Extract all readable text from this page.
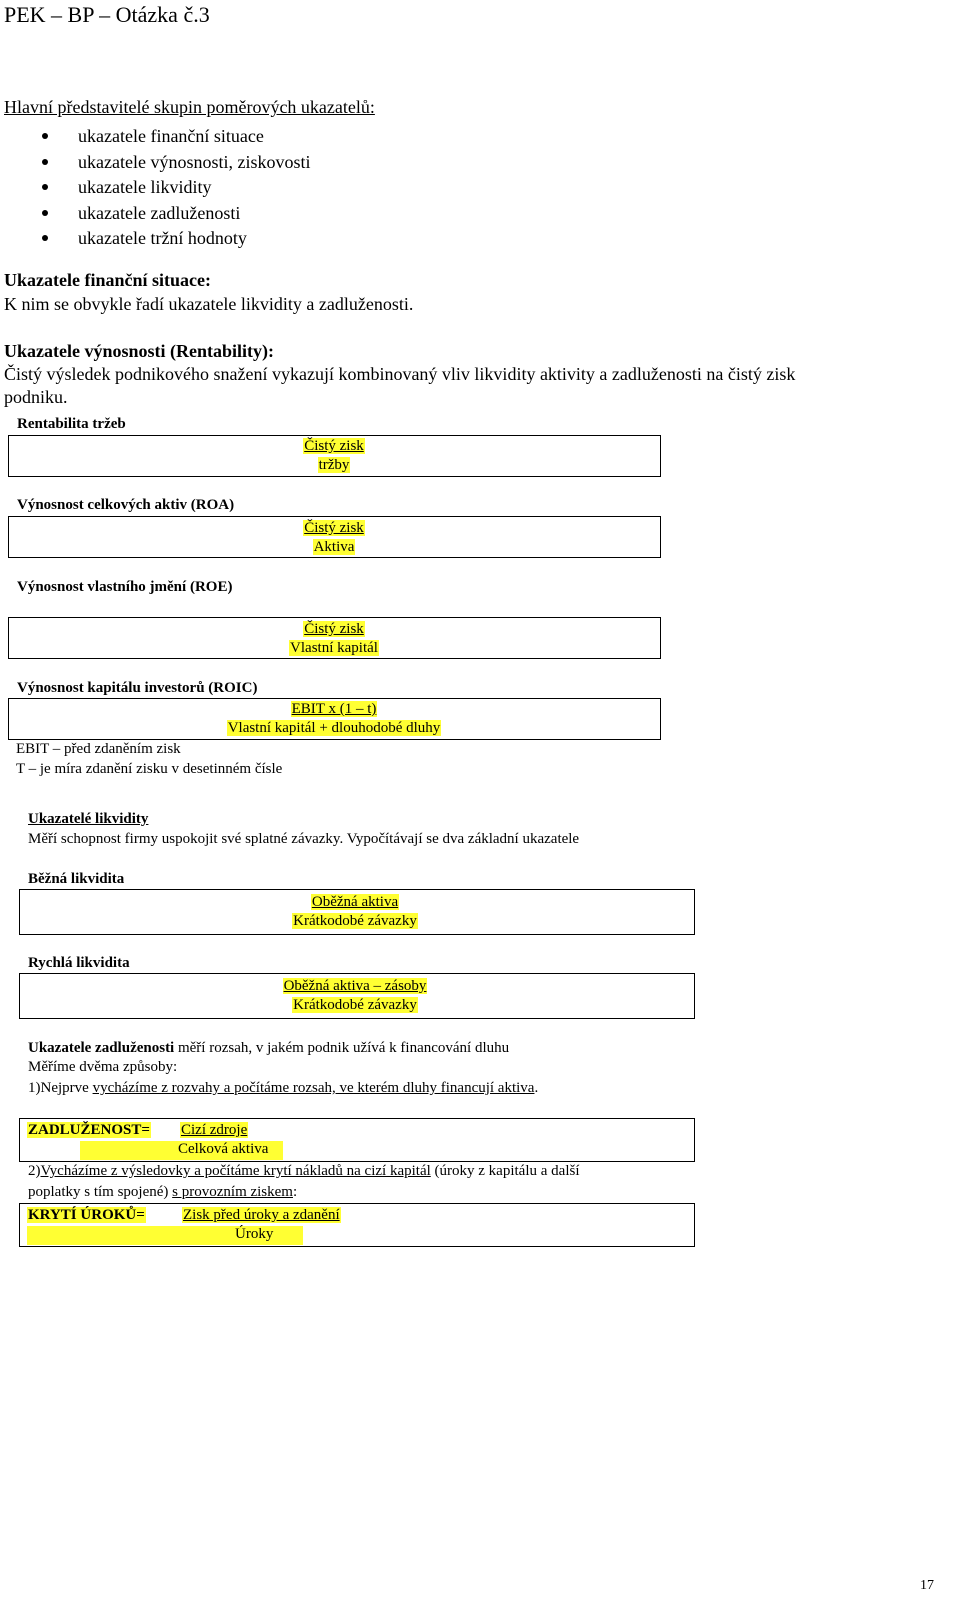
PEK – BP – Otázka č.3
Hlavní představitelé skupin poměrových ukazatelů:
ukazatele finanční situace
ukazatele výnosnosti, ziskovosti
ukazatele likvidity
ukazatele zadluženosti
ukazatele tržní hodnoty
Ukazatele finanční situace:
K nim se obvykle řadí ukazatele likvidity a zadluženosti.
Ukazatele výnosnosti (Rentability):
Čistý výsledek podnikového snažení vykazují kombinovaný vliv likvidity aktivity a zadluženosti na čistý zisk
podniku.
Rentabilita tržeb
Čistý zisk
tržby
Výnosnost celkových aktiv (ROA)
Čistý zisk
Aktiva
Výnosnost vlastního jmění (ROE)
Čistý zisk
Vlastní kapitál
Výnosnost kapitálu investorů (ROIC)
EBIT x (1 – t)
Vlastní kapitál + dlouhodobé dluhy
EBIT – před zdaněním zisk
T – je míra zdanění zisku v desetinném čísle
Ukazatelé likvidity
Měří schopnost firmy uspokojit své splatné závazky. Vypočítávají se dva základní ukazatele
Běžná likvidita
Oběžná aktiva
Krátkodobé závazky
Rychlá likvidita
Oběžná aktiva – zásoby
Krátkodobé závazky
Ukazatele zadluženosti měří rozsah, v jakém podnik užívá k financování dluhu
Měříme dvěma způsoby:
1)Nejprve vycházíme z rozvahy a počítáme rozsah, ve kterém dluhy financují aktiva.
ZADLUŽENOST= Cizí zdroje
Celková aktiva
2)Vycházíme z výsledovky a počítáme krytí nákladů na cizí kapitál (úroky z kapitálu a další
poplatky s tím spojené) s provozním ziskem:
KRYTÍ ÚROKŮ=	Zisk před úroky a zdanění
Úroky
17
